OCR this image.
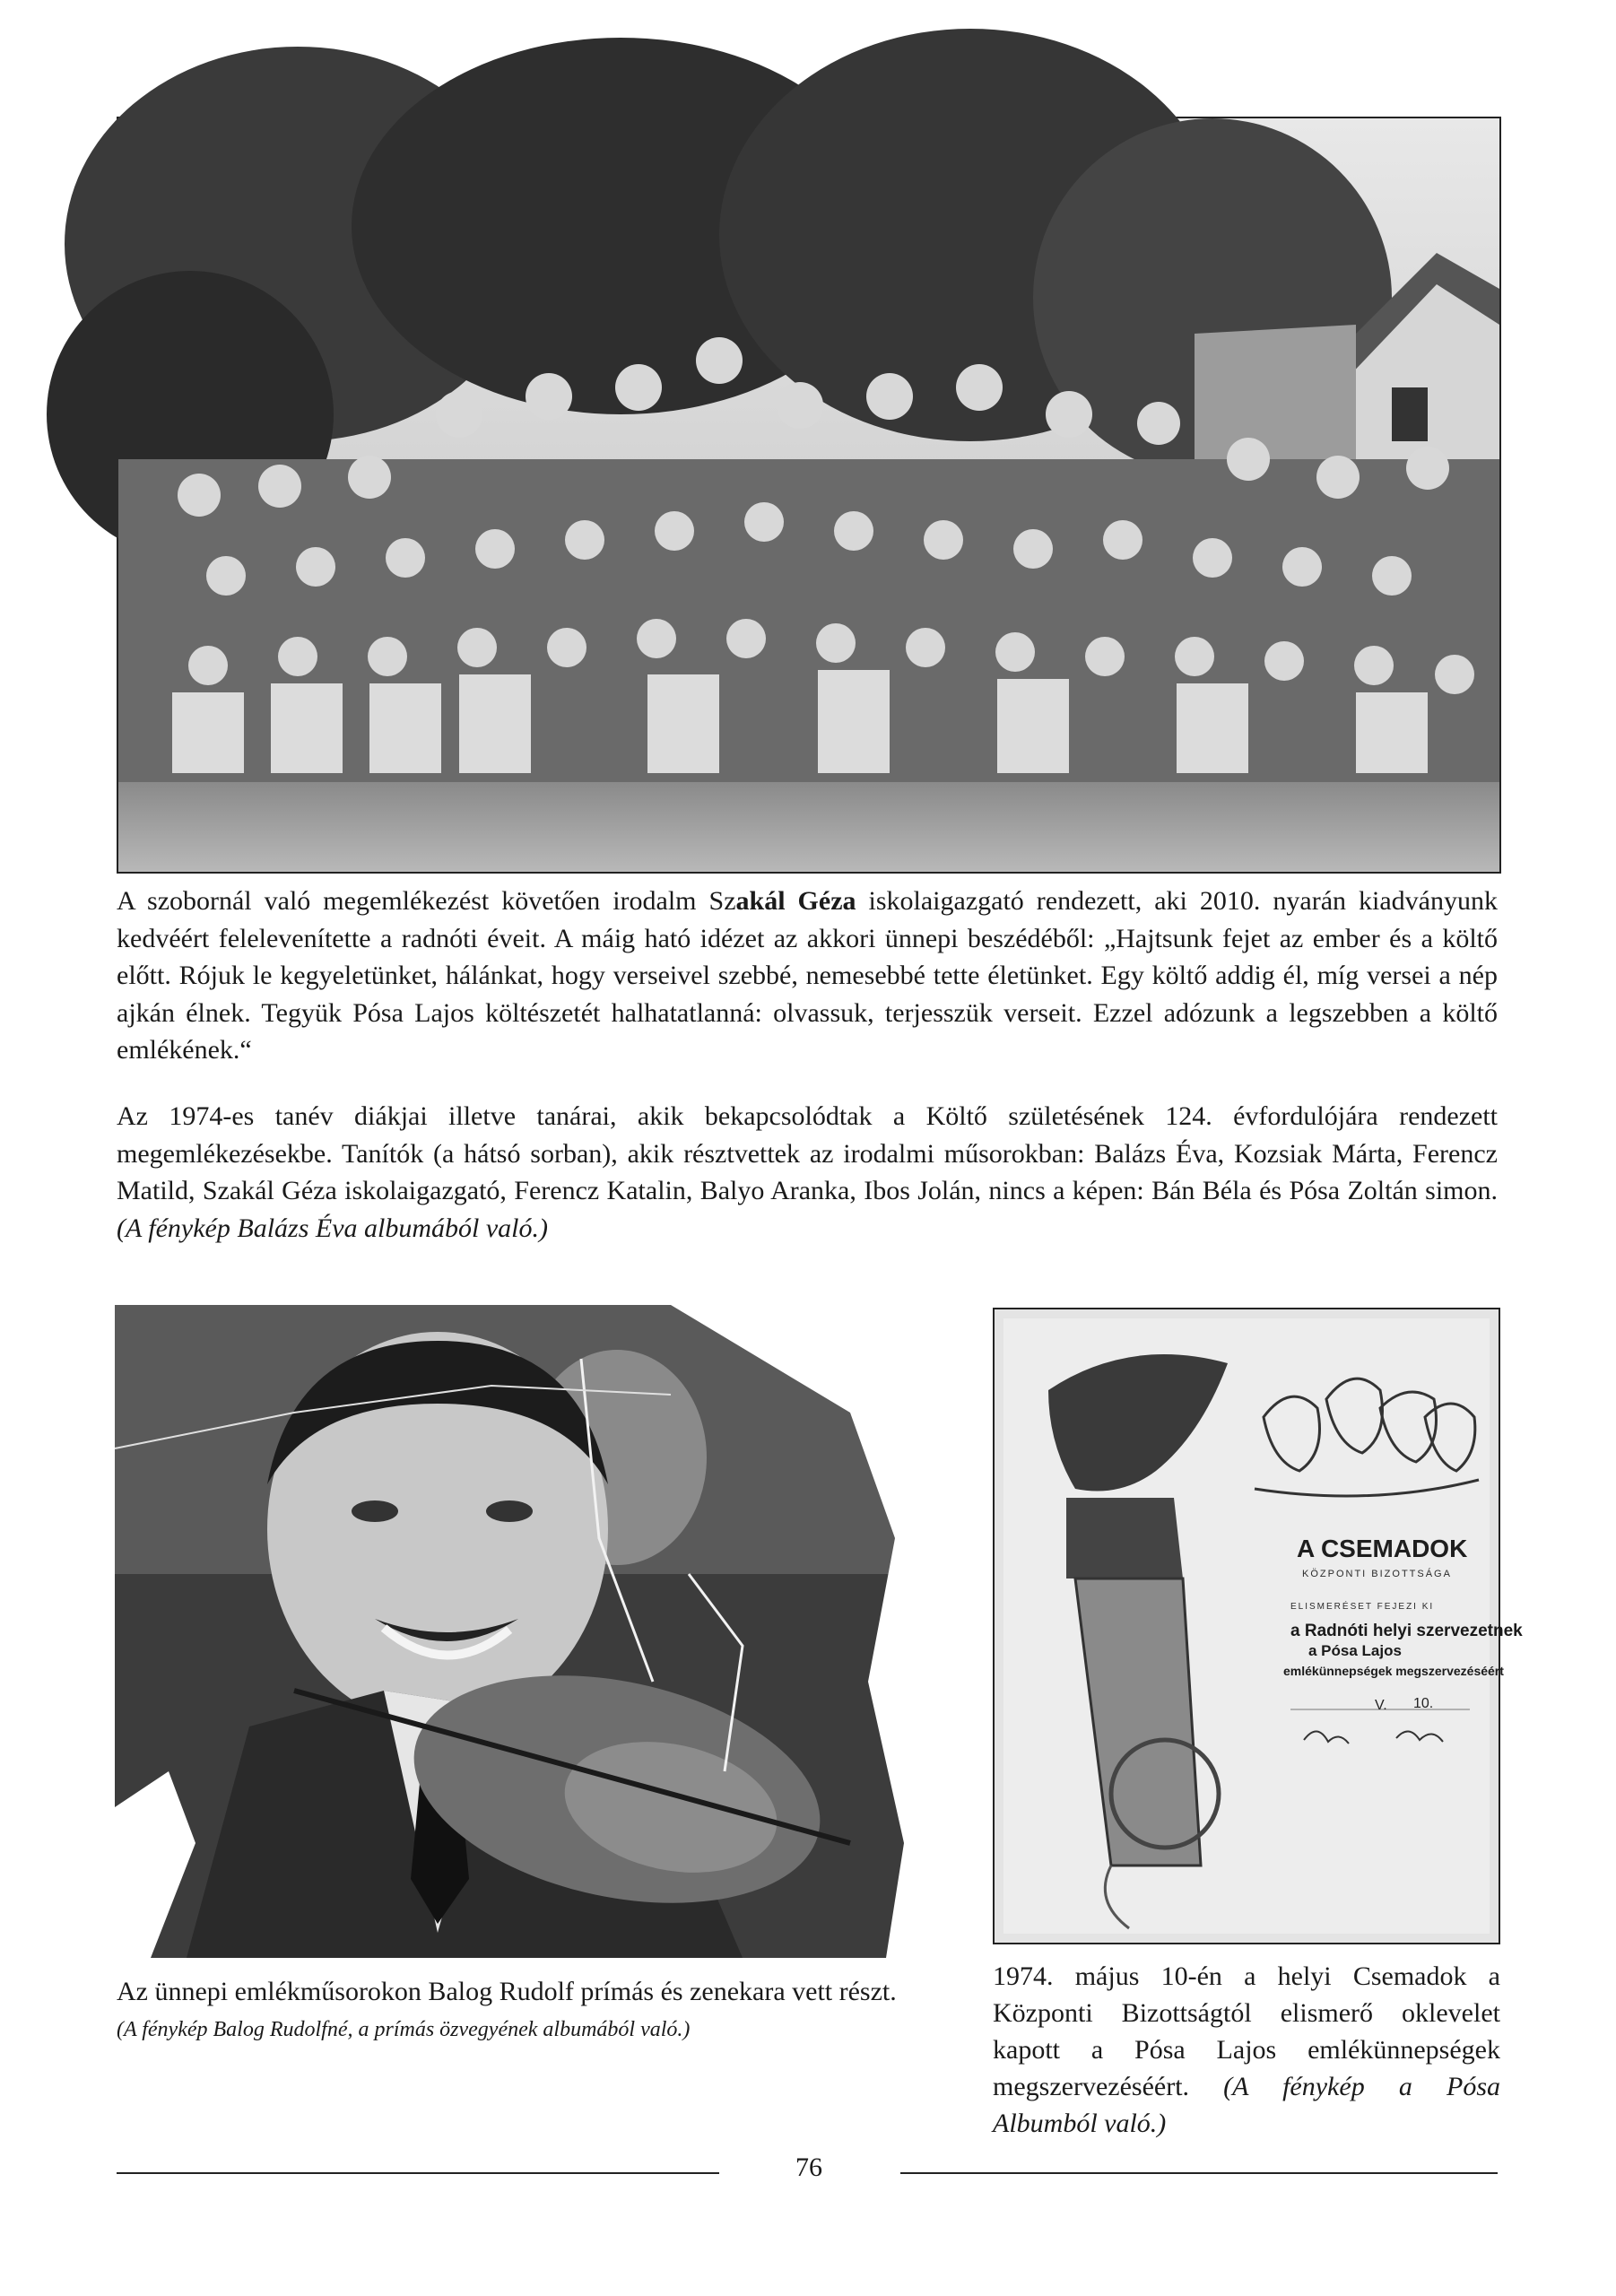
A szobornál való megemlékezést követően irodalm Szakál Géza iskolaigazgató rendezett, aki 2010. nyarán kiadványunk kedvéért felelevenítette a radnóti éveit. A máig ható idézet az akkori ünnepi beszédéből: „Hajtsunk fejet az ember és a költő előtt. Rójuk le kegyeletünket, hálánkat, hogy verseivel szebbé, nemesebbé tette életünket. Egy költő addig él, míg versei a nép ajkán élnek. Tegyük Pósa Lajos költészetét halhatatlanná: olvassuk, terjesszük verseit. Ezzel adózunk a legszebben a költő emlékének.“

Az 1974-es tanév diákjai illetve tanárai, akik bekapcsolódtak a Költő születésének 124. évfordulójára rendezett megemlékezésekbe. Tanítók (a hátsó sorban), akik résztvettek az irodalmi műsorokban: Balázs Éva, Kozsiak Márta, Ferencz Matild, Szakál Géza iskolaigazgató, Ferencz Katalin, Balyo Aranka, Ibos Jolán, nincs a képen: Bán Béla és Pósa Zoltán simon. (A fénykép Balázs Éva albumából való.)

A CSEMADOK
KÖZPONTI BIZOTTSÁGA
ELISMERÉSET FEJEZI KI
a Radnóti helyi szervezetnek
a Pósa Lajos
emlékünnepségek megszervezéséért
V. 10.

Az ünnepi emlékműsorokon Balog Rudolf prímás és zenekara vett részt.
(A fénykép Balog Rudolfné, a prímás özvegyének albumából való.)

1974. május 10-én a helyi Csemadok a Központi Bizottságtól elismerő oklevelet kapott a Pósa Lajos emlékünnepségek megszervezéséért. (A fénykép a Pósa Albumból való.)

76
